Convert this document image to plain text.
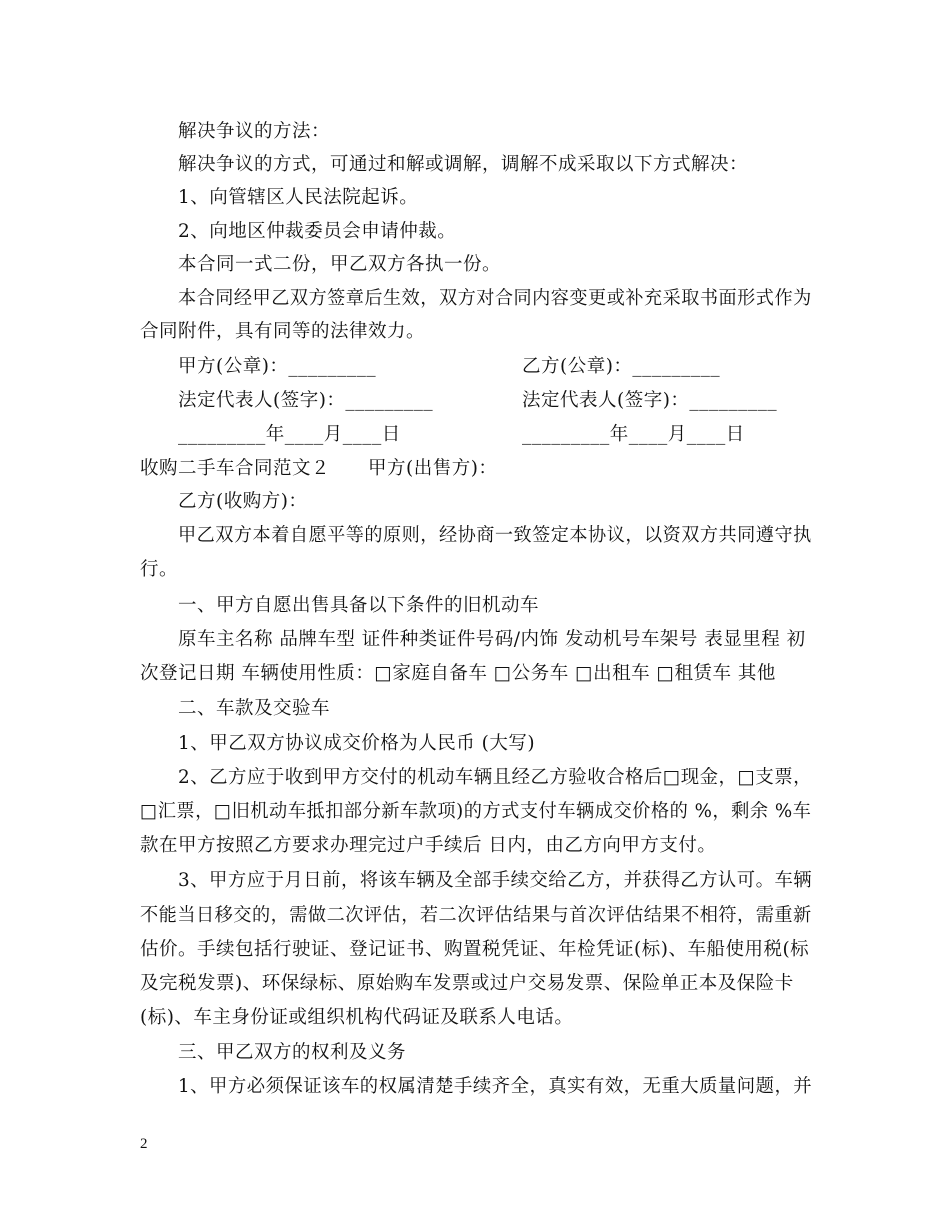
解决争议的方法：
解决争议的方式，可通过和解或调解，调解不成采取以下方式解决：
1、向管辖区人民法院起诉。
2、向地区仲裁委员会申请仲裁。
本合同一式二份，甲乙双方各执一份。
本合同经甲乙双方签章后生效，双方对合同内容变更或补充采取书面形式作为
合同附件，具有同等的法律效力。
甲方(公章)：_________	乙方(公章)：_________
法定代表人(签字)：_________	法定代表人(签字)：_________
_________年____月____日	_________年____月____日
收购二手车合同范文２　　甲方(出售方)：
乙方(收购方)：
甲乙双方本着自愿平等的原则，经协商一致签定本协议，以资双方共同遵守执
行。
一、甲方自愿出售具备以下条件的旧机动车
原车主名称 品牌车型 证件种类证件号码/内饰 发动机号车架号 表显里程 初
次登记日期 车辆使用性质：□家庭自备车 □公务车 □出租车 □租赁车 其他
二、车款及交验车
1、甲乙双方协议成交价格为人民币 (大写)
2、乙方应于收到甲方交付的机动车辆且经乙方验收合格后□现金，□支票，
□汇票，□旧机动车抵扣部分新车款项)的方式支付车辆成交价格的 %，剩余 %车
款在甲方按照乙方要求办理完过户手续后 日内，由乙方向甲方支付。
3、甲方应于月日前，将该车辆及全部手续交给乙方，并获得乙方认可。车辆
不能当日移交的，需做二次评估，若二次评估结果与首次评估结果不相符，需重新
估价。手续包括行驶证、登记证书、购置税凭证、年检凭证(标)、车船使用税(标
及完税发票)、环保绿标、原始购车发票或过户交易发票、保险单正本及保险卡
(标)、车主身份证或组织机构代码证及联系人电话。
三、甲乙双方的权利及义务
1、甲方必须保证该车的权属清楚手续齐全，真实有效，无重大质量问题，并
2
